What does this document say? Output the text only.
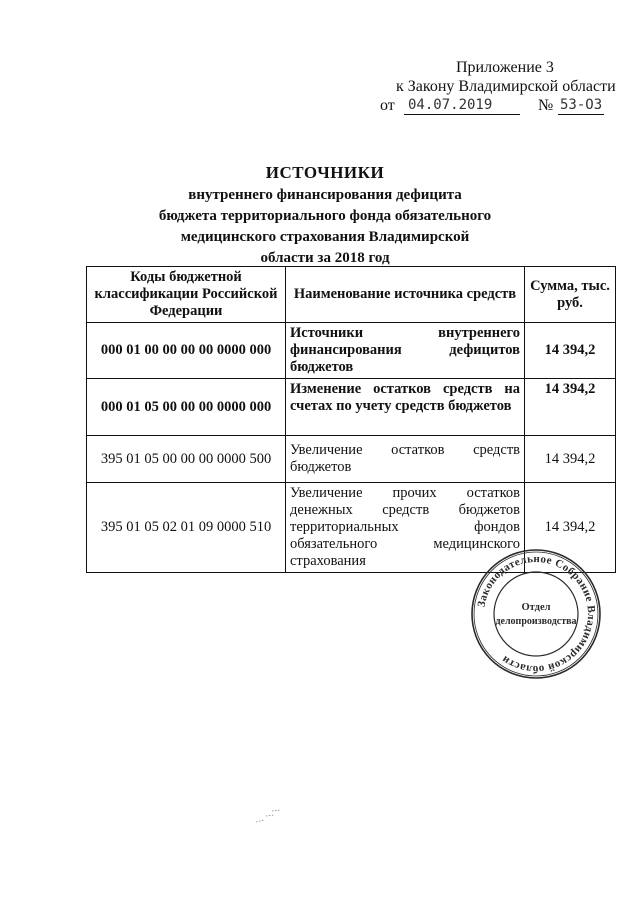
Приложение 3
к Закону Владимирской области
от 04.07.2019	№ 53-ОЗ
ИСТОЧНИКИ
внутреннего финансирования дефицита
бюджета территориального фонда обязательного
медицинского страхования Владимирской
области за 2018 год
Коды бюджетной классификации Российской Федерации	Наименование источника средств	Сумма, тыс. руб.
000 01 00 00 00 00 0000 000	Источники внутреннего финансирования дефицитов бюджетов	14 394,2
000 01 05 00 00 00 0000 000	Изменение остатков средств на счетах по учету средств бюджетов	14 394,2
395 01 05 00 00 00 0000 500	Увеличение остатков средств бюджетов	14 394,2
395 01 05 02 01 09 0000 510	Увеличение прочих остатков денежных средств бюджетов территориальных фондов обязательного медицинского страхования	14 394,2
Законодательное Собрание Владимирской области
Отдел
делопроизводства
